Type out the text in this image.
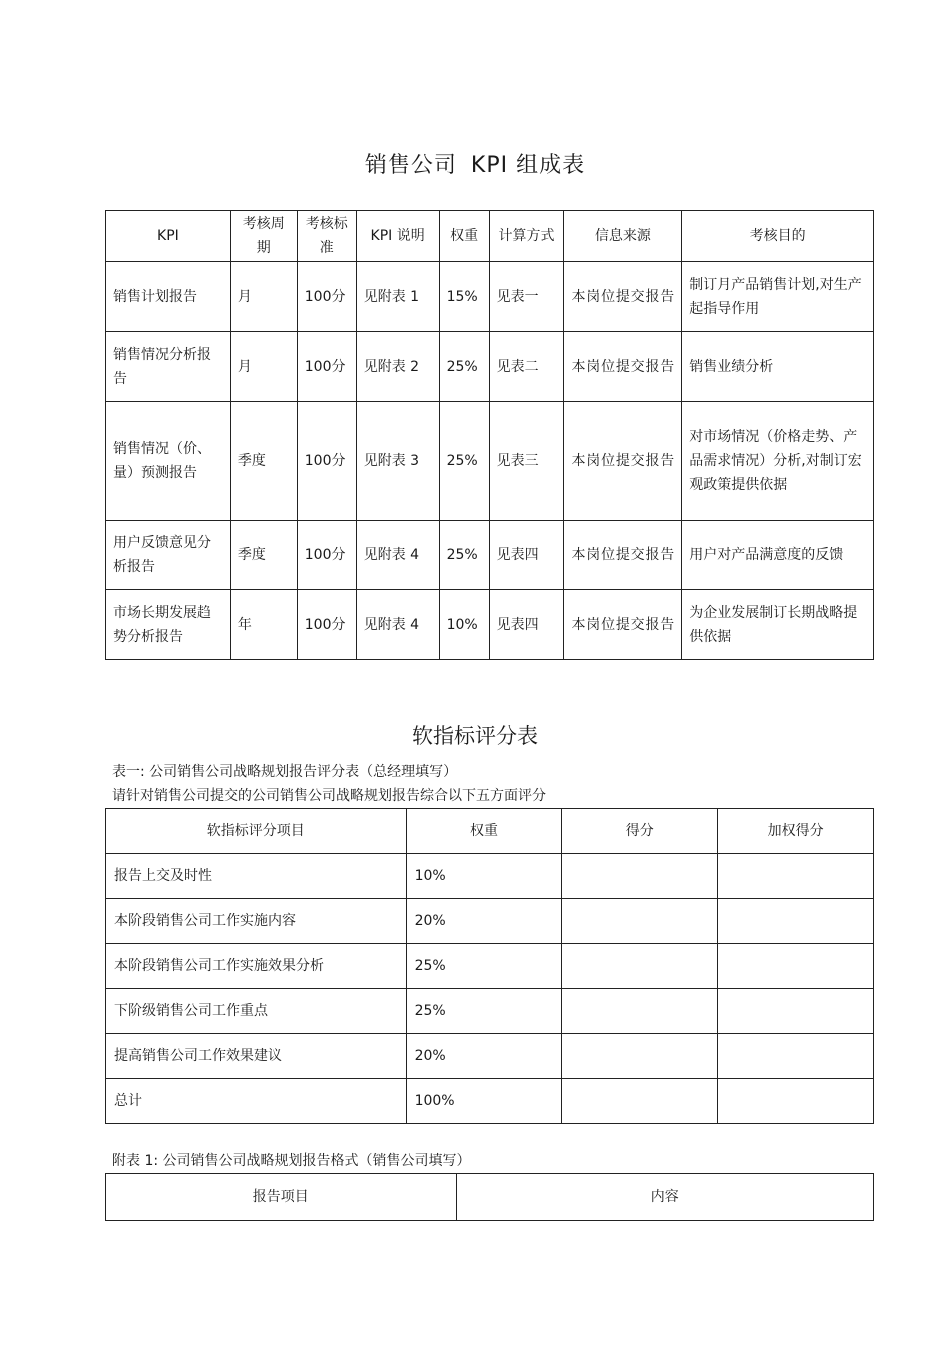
销售公司 KPI 组成表
KPI	考核周期	考核标准	KPI 说明	权重	计算方式	信息来源	考核目的
销售计划报告	月	100分	见附表 1	15%	见表一	本岗位提交报告	制订月产品销售计划,对生产起指导作用
销售情况分析报告	月	100分	见附表 2	25%	见表二	本岗位提交报告	销售业绩分析
销售情况（价、量）预测报告	季度	100分	见附表 3	25%	见表三	本岗位提交报告	对市场情况（价格走势、产品需求情况）分析,对制订宏观政策提供依据
用户反馈意见分析报告	季度	100分	见附表 4	25%	见表四	本岗位提交报告	用户对产品满意度的反馈
市场长期发展趋势分析报告	年	100分	见附表 4	10%	见表四	本岗位提交报告	为企业发展制订长期战略提供依据
软指标评分表
表一: 公司销售公司战略规划报告评分表（总经理填写）
请针对销售公司提交的公司销售公司战略规划报告综合以下五方面评分
软指标评分项目	权重	得分	加权得分
报告上交及时性	10%		
本阶段销售公司工作实施内容	20%		
本阶段销售公司工作实施效果分析	25%		
下阶级销售公司工作重点	25%		
提高销售公司工作效果建议	20%		
总计	100%		
附表 1: 公司销售公司战略规划报告格式（销售公司填写）
报告项目	内容
